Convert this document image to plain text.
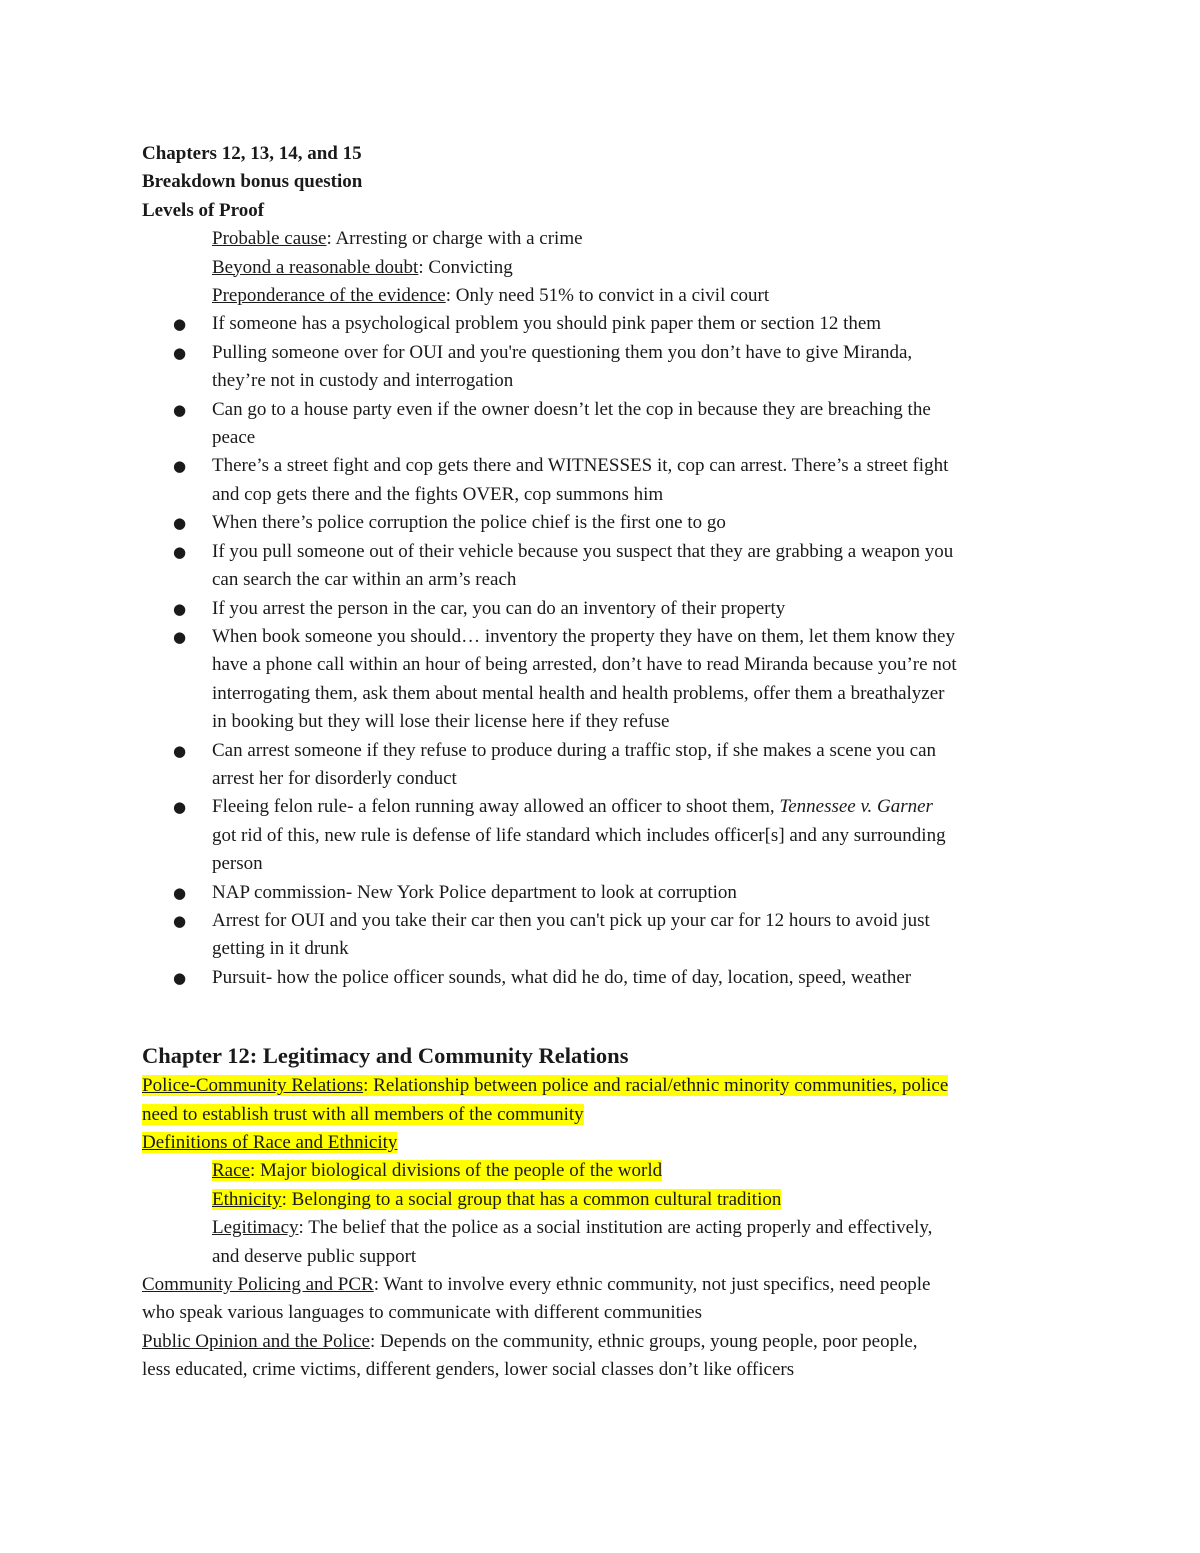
Chapters 12, 13, 14, and 15
Breakdown bonus question
Levels of Proof
Probable cause: Arresting or charge with a crime
Beyond a reasonable doubt: Convicting
Preponderance of the evidence: Only need 51% to convict in a civil court
● If someone has a psychological problem you should pink paper them or section 12 them
● Pulling someone over for OUI and you're questioning them you don’t have to give Miranda,
they’re not in custody and interrogation
● Can go to a house party even if the owner doesn’t let the cop in because they are breaching the
peace
● There’s a street fight and cop gets there and WITNESSES it, cop can arrest. There’s a street fight
and cop gets there and the fights OVER, cop summons him
● When there’s police corruption the police chief is the first one to go
● If you pull someone out of their vehicle because you suspect that they are grabbing a weapon you
can search the car within an arm’s reach
● If you arrest the person in the car, you can do an inventory of their property
● When book someone you should… inventory the property they have on them, let them know they
have a phone call within an hour of being arrested, don’t have to read Miranda because you’re not
interrogating them, ask them about mental health and health problems, offer them a breathalyzer
in booking but they will lose their license here if they refuse
● Can arrest someone if they refuse to produce during a traffic stop, if she makes a scene you can
arrest her for disorderly conduct
● Fleeing felon rule- a felon running away allowed an officer to shoot them, Tennessee v. Garner
got rid of this, new rule is defense of life standard which includes officer[s] and any surrounding
person
● NAP commission- New York Police department to look at corruption
● Arrest for OUI and you take their car then you can't pick up your car for 12 hours to avoid just
getting in it drunk
● Pursuit- how the police officer sounds, what did he do, time of day, location, speed, weather
Chapter 12: Legitimacy and Community Relations
Police-Community Relations: Relationship between police and racial/ethnic minority communities, police
need to establish trust with all members of the community
Definitions of Race and Ethnicity
Race: Major biological divisions of the people of the world
Ethnicity: Belonging to a social group that has a common cultural tradition
Legitimacy: The belief that the police as a social institution are acting properly and effectively,
and deserve public support
Community Policing and PCR: Want to involve every ethnic community, not just specifics, need people
who speak various languages to communicate with different communities
Public Opinion and the Police: Depends on the community, ethnic groups, young people, poor people,
less educated, crime victims, different genders, lower social classes don’t like officers
